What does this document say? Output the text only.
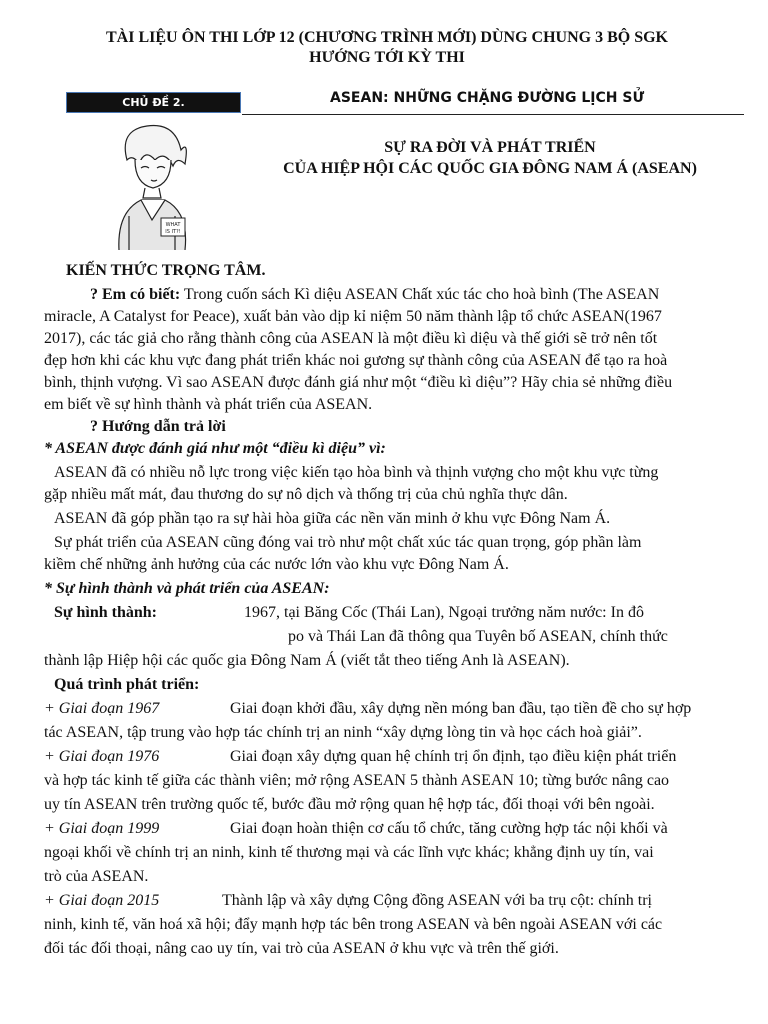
TÀI LIỆU ÔN THI LỚP 12 (CHƯƠNG TRÌNH MỚI) DÙNG CHUNG 3 BỘ SGK
HƯỚNG TỚI KỲ THI
CHỦ ĐỀ 2.	ASEAN: NHỮNG CHẶNG ĐƯỜNG LỊCH SỬ
WHAT
IS IT?!
SỰ RA ĐỜI VÀ PHÁT TRIỂN
CỦA HIỆP HỘI CÁC QUỐC GIA ĐÔNG NAM Á (ASEAN)
KIẾN THỨC TRỌNG TÂM.
? Em có biết: Trong cuốn sách Kì diệu ASEAN Chất xúc tác cho hoà bình (The ASEAN
miracle, A Catalyst for Peace), xuất bản vào dịp kỉ niệm 50 năm thành lập tổ chức ASEAN(1967
2017), các tác giả cho rằng thành công của ASEAN là một điều kì diệu và thế giới sẽ trở nên tốt
đẹp hơn khi các khu vực đang phát triển khác noi gương sự thành công của ASEAN để tạo ra hoà
bình, thịnh vượng. Vì sao ASEAN được đánh giá như một “điều kì diệu”? Hãy chia sẻ những điều
em biết về sự hình thành và phát triển của ASEAN.
? Hướng dẫn trả lời
* ASEAN được đánh giá như một “điều kì diệu” vì:
ASEAN đã có nhiều nỗ lực trong việc kiến tạo hòa bình và thịnh vượng cho một khu vực từng
gặp nhiều mất mát, đau thương do sự nô dịch và thống trị của chủ nghĩa thực dân.
ASEAN đã góp phần tạo ra sự hài hòa giữa các nền văn minh ở khu vực Đông Nam Á.
Sự phát triển của ASEAN cũng đóng vai trò như một chất xúc tác quan trọng, góp phần làm
kiềm chế những ảnh hưởng của các nước lớn vào khu vực Đông Nam Á.
* Sự hình thành và phát triển của ASEAN:
Sự hình thành:	1967, tại Băng Cốc (Thái Lan), Ngoại trưởng năm nước: In đô
po và Thái Lan đã thông qua Tuyên bố ASEAN, chính thức
thành lập Hiệp hội các quốc gia Đông Nam Á (viết tắt theo tiếng Anh là ASEAN).
Quá trình phát triển:
+ Giai đoạn 1967	Giai đoạn khởi đầu, xây dựng nền móng ban đầu, tạo tiền đề cho sự hợp
tác ASEAN, tập trung vào hợp tác chính trị an ninh “xây dựng lòng tin và học cách hoà giải”.
+ Giai đoạn 1976	Giai đoạn xây dựng quan hệ chính trị ổn định, tạo điều kiện phát triển
và hợp tác kinh tế giữa các thành viên; mở rộng ASEAN 5 thành ASEAN 10; từng bước nâng cao
uy tín ASEAN trên trường quốc tế, bước đầu mở rộng quan hệ hợp tác, đối thoại với bên ngoài.
+ Giai đoạn 1999	Giai đoạn hoàn thiện cơ cấu tổ chức, tăng cường hợp tác nội khối và
ngoại khối về chính trị an ninh, kinh tế thương mại và các lĩnh vực khác; khẳng định uy tín, vai
trò của ASEAN.
+ Giai đoạn 2015	Thành lập và xây dựng Cộng đồng ASEAN với ba trụ cột: chính trị
ninh, kinh tế, văn hoá xã hội; đẩy mạnh hợp tác bên trong ASEAN và bên ngoài ASEAN với các
đối tác đối thoại, nâng cao uy tín, vai trò của ASEAN ở khu vực và trên thế giới.
